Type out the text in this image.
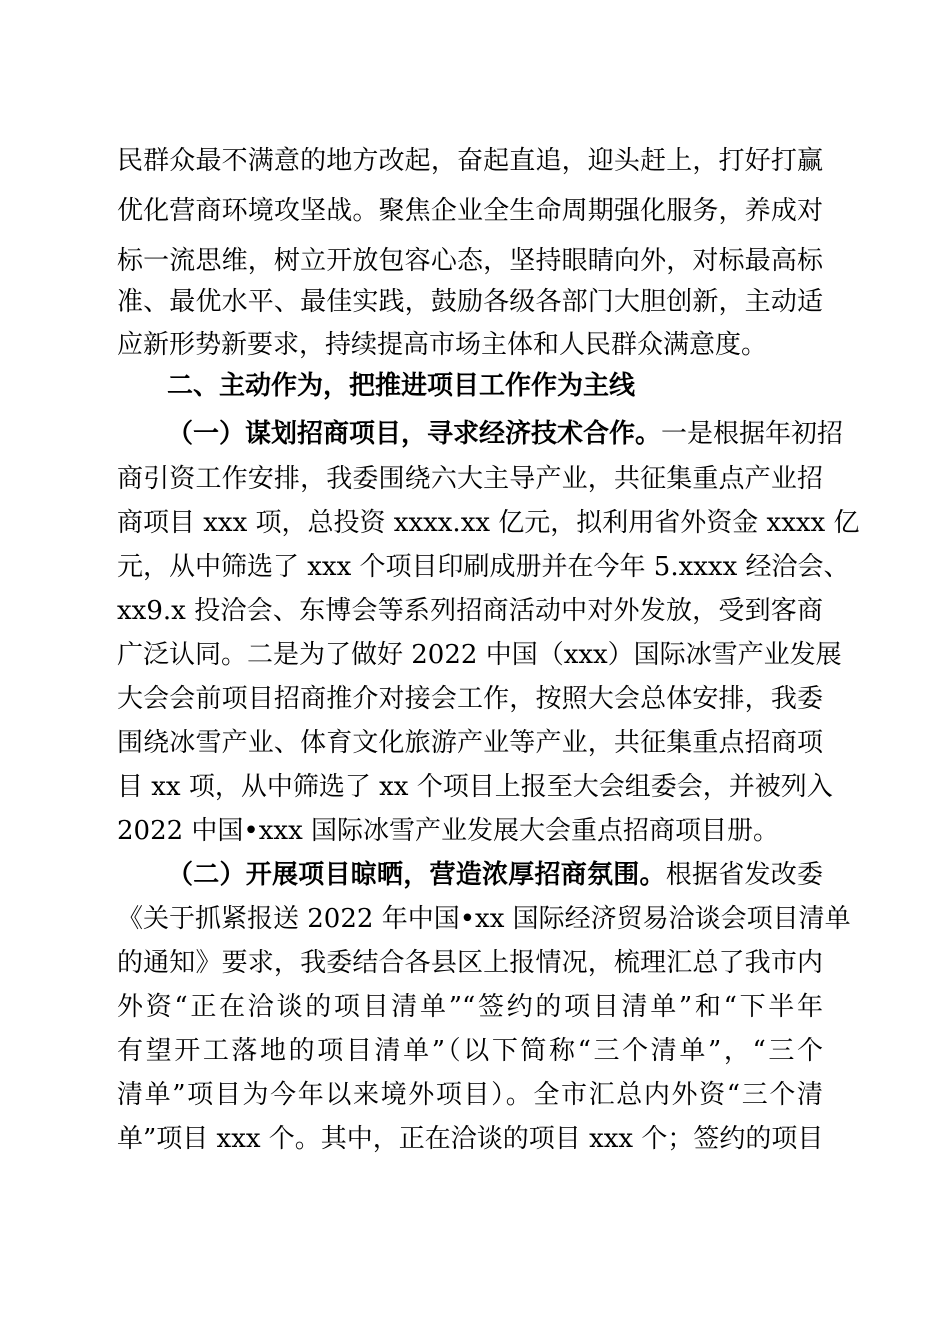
民群众最不满意的地方改起，奋起直追，迎头赶上，打好打赢
优化营商环境攻坚战。聚焦企业全生命周期强化服务，养成对
标一流思维，树立开放包容心态，坚持眼睛向外，对标最高标
准、最优水平、最佳实践，鼓励各级各部门大胆创新，主动适
应新形势新要求，持续提高市场主体和人民群众满意度。
二、主动作为，把推进项目工作作为主线
（一）谋划招商项目，寻求经济技术合作。一是根据年初招
商引资工作安排，我委围绕六大主导产业，共征集重点产业招
商项目 xxx 项，总投资 xxxx.xx 亿元，拟利用省外资金 xxxx 亿
元，从中筛选了 xxx 个项目印刷成册并在今年 5.xxxx 经洽会、
xx9.x 投洽会、东博会等系列招商活动中对外发放，受到客商
广泛认同。二是为了做好 2022 中国（xxx）国际冰雪产业发展
大会会前项目招商推介对接会工作，按照大会总体安排，我委
围绕冰雪产业、体育文化旅游产业等产业，共征集重点招商项
目 xx 项，从中筛选了 xx 个项目上报至大会组委会，并被列入
2022 中国•xxx 国际冰雪产业发展大会重点招商项目册。
（二）开展项目晾晒，营造浓厚招商氛围。根据省发改委
《关于抓紧报送 2022 年中国•xx 国际经济贸易洽谈会项目清单
的通知》要求，我委结合各县区上报情况，梳理汇总了我市内
外资“正在洽谈的项目清单”“签约的项目清单”和“下半年
有望开工落地的项目清单”（以下简称“三个清单”，“三个
清单”项目为今年以来境外项目）。全市汇总内外资“三个清
单”项目 xxx 个。其中，正在洽谈的项目 xxx 个；签约的项目
